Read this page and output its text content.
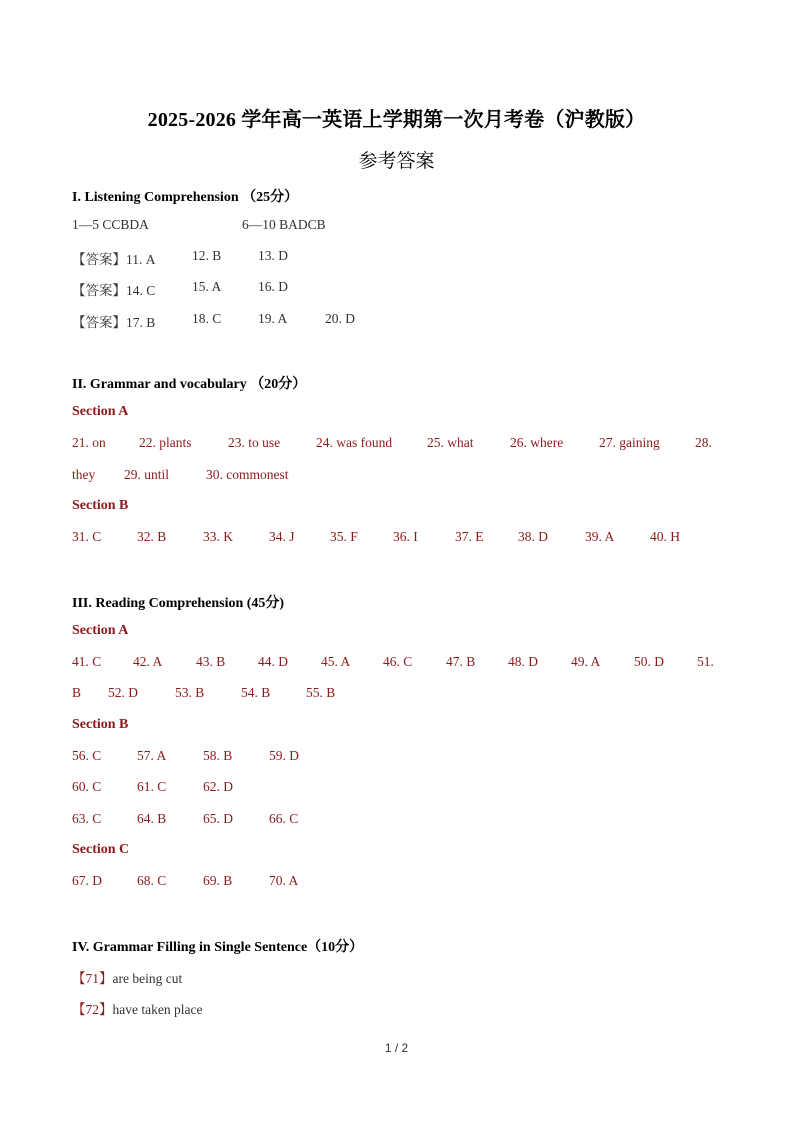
2025-2026 学年高一英语上学期第一次月考卷（沪教版）
参考答案
I. Listening Comprehension （25分）
1—5 CCBDA	6—10 BADCB
【答案】11. A	12. B	13. D
【答案】14. C	15. A	16. D
【答案】17. B	18. C	19. A	20. D
II. Grammar and vocabulary （20分）
Section A
21. on 22. plants	23. to use	24. was found	25. what	26. where	27. gaining	28.
they 29. until	30. commonest
Section B
31. C	32. B	33. K	34. J	35. F	36. I	37. E	38. D	39. A	40. H
III. Reading Comprehension (45分)
Section A
41. C 42. A 43. B 44. D 45. A 46. C 47. B 48. D 49. A 50. D 51.
B 52. D	53. B	54. B	55. B
Section B
56. C	57. A	58. B	59. D
60. C	61. C	62. D
63. C	64. B	65. D	66. C
Section C
67. D	68. C	69. B	70. A
IV. Grammar Filling in Single Sentence（10分）
【71】are being cut
【72】have taken place
1 / 2
